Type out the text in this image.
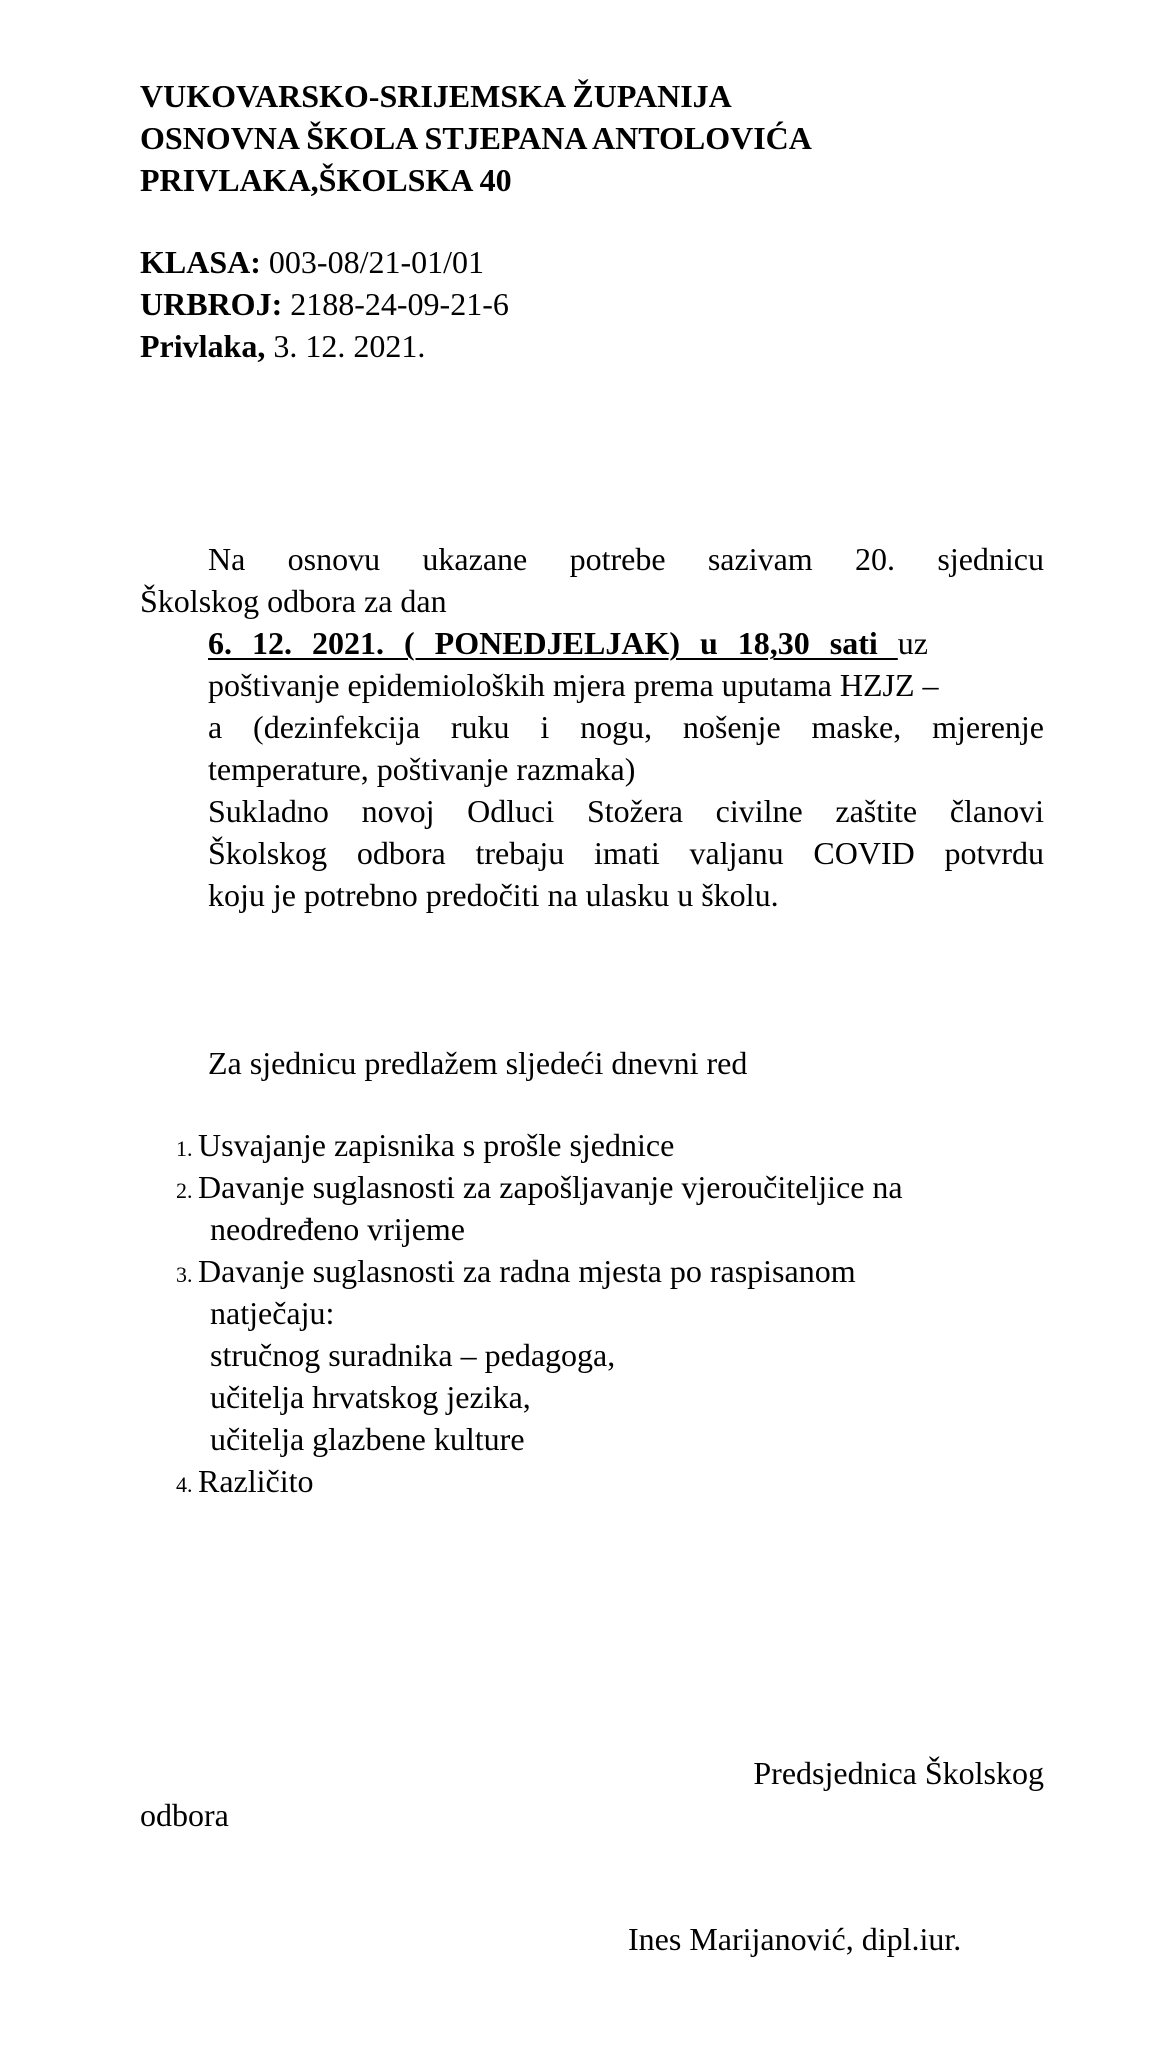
VUKOVARSKO-SRIJEMSKA ŽUPANIJA
OSNOVNA ŠKOLA STJEPANA ANTOLOVIĆA
PRIVLAKA,ŠKOLSKA 40
KLASA: 003-08/21-01/01
URBROJ: 2188-24-09-21-6
Privlaka, 3. 12. 2021.
Na osnovu ukazane potrebe sazivam 20. sjednicu
Školskog odbora za dan
6. 12. 2021. ( PONEDJELJAK) u 18,30 sati uz
poštivanje epidemioloških mjera prema uputama HZJZ –
a (dezinfekcija ruku i nogu, nošenje maske, mjerenje
temperature, poštivanje razmaka)
Sukladno novoj Odluci Stožera civilne zaštite članovi
Školskog odbora trebaju imati valjanu COVID potvrdu
koju je potrebno predočiti na ulasku u školu.
Za sjednicu predlažem sljedeći dnevni red
1. Usvajanje zapisnika s prošle sjednice
2. Davanje suglasnosti za zapošljavanje vjeroučiteljice na
neodređeno vrijeme
3. Davanje suglasnosti za radna mjesta po raspisanom
natječaju:
stručnog suradnika – pedagoga,
učitelja hrvatskog jezika,
učitelja glazbene kulture
4. Različito
Predsjednica Školskog
odbora
Ines Marijanović, dipl.iur.
